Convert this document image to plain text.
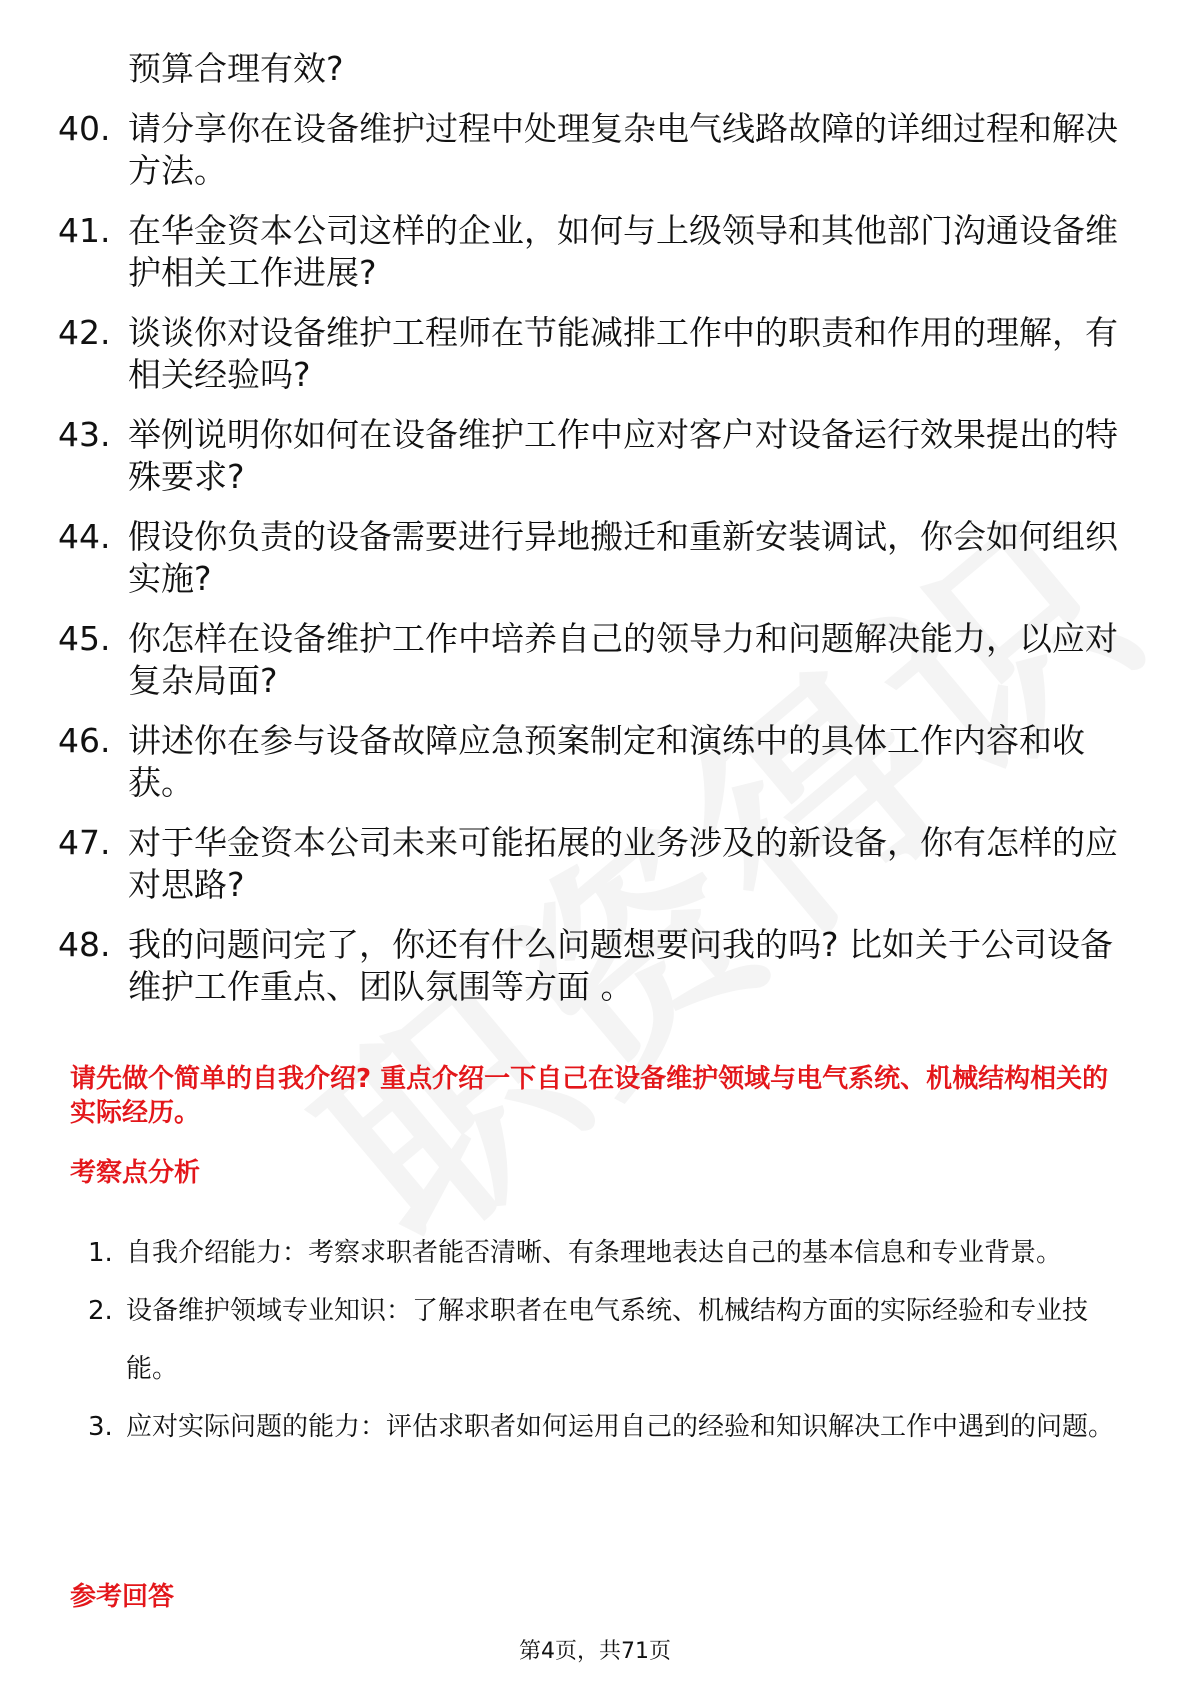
预算合理有效?
40. 请分享你在设备维护过程中处理复杂电气线路故障的详细过程和解决方法。
41. 在华金资本公司这样的企业，如何与上级领导和其他部门沟通设备维护相关工作进展?
42. 谈谈你对设备维护工程师在节能减排工作中的职责和作用的理解，有相关经验吗?
43. 举例说明你如何在设备维护工作中应对客户对设备运行效果提出的特殊要求?
44. 假设你负责的设备需要进行异地搬迁和重新安装调试，你会如何组织实施?
45. 你怎样在设备维护工作中培养自己的领导力和问题解决能力，以应对复杂局面?
46. 讲述你在参与设备故障应急预案制定和演练中的具体工作内容和收获。
47. 对于华金资本公司未来可能拓展的业务涉及的新设备，你有怎样的应对思路?
48. 我的问题问完了，你还有什么问题想要问我的吗? 比如关于公司设备维护工作重点、团队氛围等方面 。
请先做个简单的自我介绍? 重点介绍一下自己在设备维护领域与电气系统、机械结构相关的实际经历。
考察点分析
1. 自我介绍能力：考察求职者能否清晰、有条理地表达自己的基本信息和专业背景。
2. 设备维护领域专业知识：了解求职者在电气系统、机械结构方面的实际经验和专业技能。
3. 应对实际问题的能力：评估求职者如何运用自己的经验和知识解决工作中遇到的问题。
参考回答
第4页，共71页
